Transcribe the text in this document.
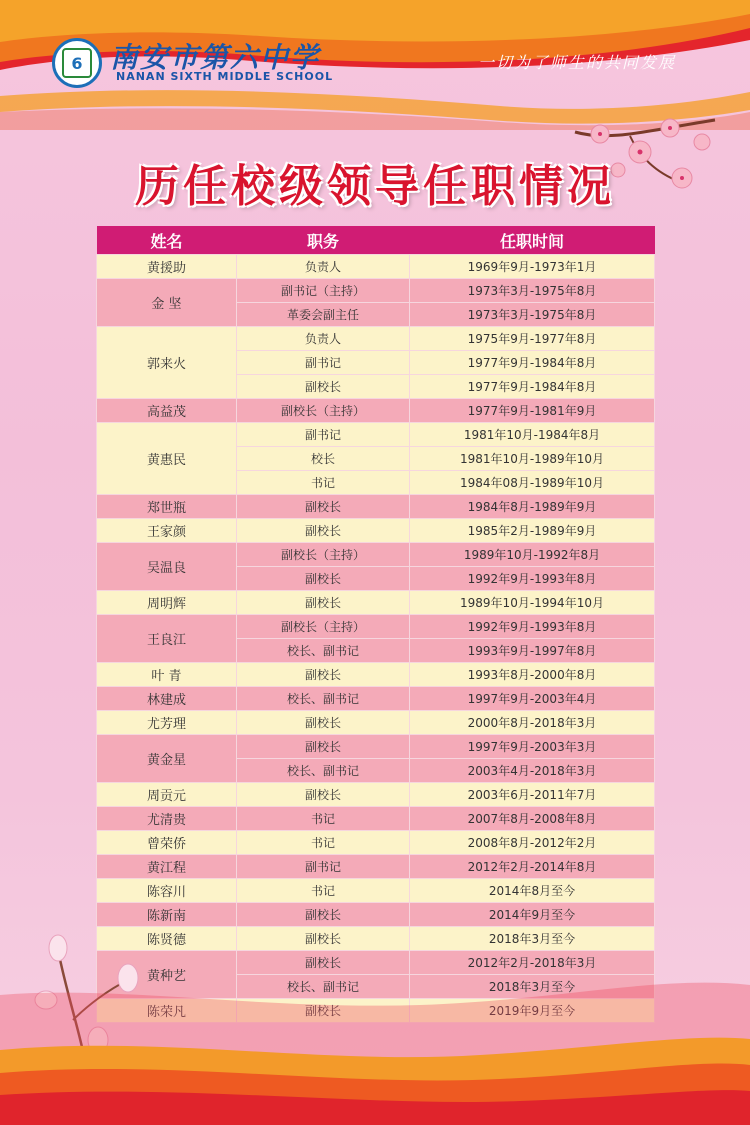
6 南安市第六中学
NANAN SIXTH MIDDLE SCHOOL
一切为了师生的共同发展
历任校级领导任职情况
姓名	职务	任职时间
黄援助	负责人	1969年9月-1973年1月
金 坚	副书记（主持）	1973年3月-1975年8月
	革委会副主任	1973年3月-1975年8月
郭来火	负责人	1975年9月-1977年8月
	副书记	1977年9月-1984年8月
	副校长	1977年9月-1984年8月
高益茂	副校长（主持）	1977年9月-1981年9月
黄惠民	副书记	1981年10月-1984年8月
	校长	1981年10月-1989年10月
	书记	1984年08月-1989年10月
郑世瓶	副校长	1984年8月-1989年9月
王家颜	副校长	1985年2月-1989年9月
吴温良	副校长（主持）	1989年10月-1992年8月
	副校长	1992年9月-1993年8月
周明辉	副校长	1989年10月-1994年10月
王良江	副校长（主持）	1992年9月-1993年8月
	校长、副书记	1993年9月-1997年8月
叶 青	副校长	1993年8月-2000年8月
林建成	校长、副书记	1997年9月-2003年4月
尤芳理	副校长	2000年8月-2018年3月
黄金星	副校长	1997年9月-2003年3月
	校长、副书记	2003年4月-2018年3月
周贡元	副校长	2003年6月-2011年7月
尤清贵	书记	2007年8月-2008年8月
曾荣侨	书记	2008年8月-2012年2月
黄江程	副书记	2012年2月-2014年8月
陈容川	书记	2014年8月至今
陈新南	副校长	2014年9月至今
陈贤德	副校长	2018年3月至今
黄种艺	副校长	2012年2月-2018年3月
	校长、副书记	2018年3月至今
陈荣凡	副校长	2019年9月至今
